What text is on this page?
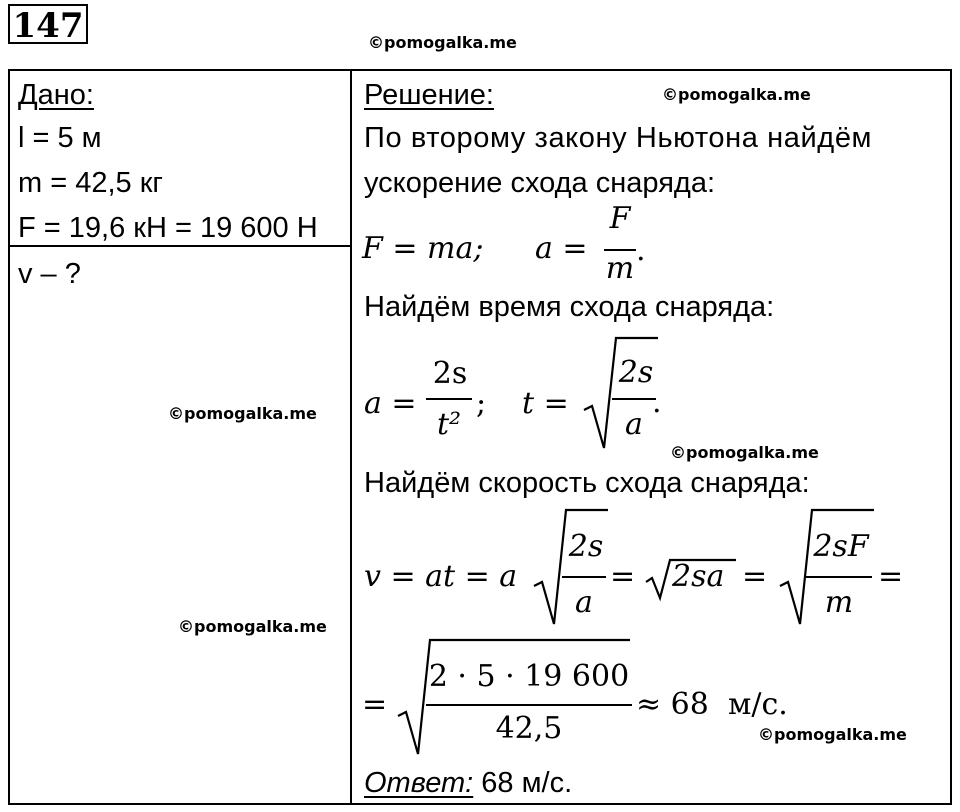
147	©pomogalka.me
©pomogalka.me
©pomogalka.me
©pomogalka.me
©pomogalka.me
©pomogalka.me
Дано:
l = 5 м
m = 42,5 кг
F = 19,6 кН = 19 600 Н
v – ?
Решение:
По второму закону Ньютона найдём
ускорение схода снаряда:
Найдём время схода снаряда:
Найдём скорость схода снаряда:
F = ma; a =
F
m
.
a =
2s
t²
; t =
2s
a
.
v = at = a
2s
a
= 2sa =
2sF
m
=
=
2 · 5 · 19 600
42,5
≈ 68 м/с.
Ответ: 68 м/с.
